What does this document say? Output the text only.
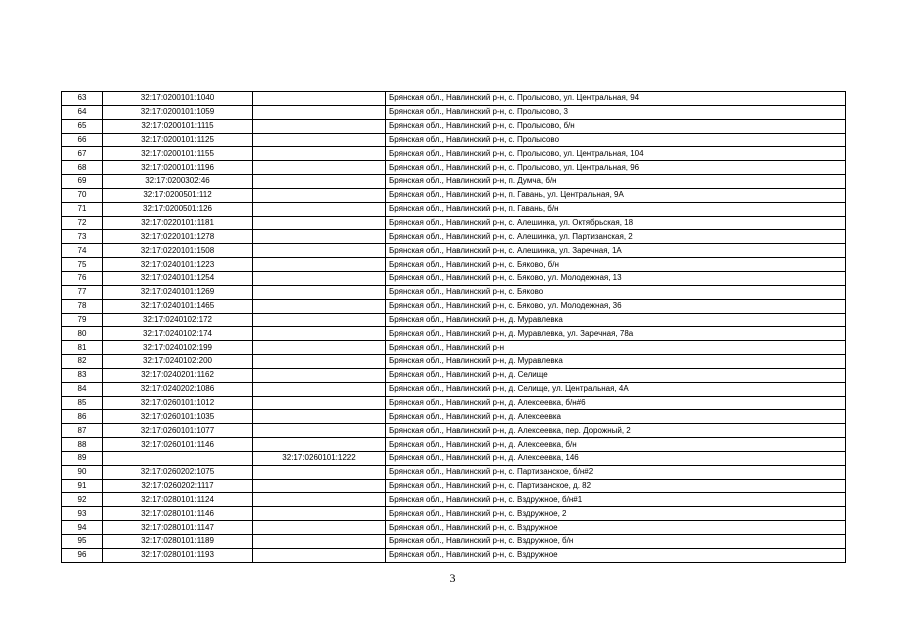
63	32:17:0200101:1040		Брянская обл., Навлинский р-н, с. Пролысово, ул. Центральная, 94
64	32:17:0200101:1059		Брянская обл., Навлинский р-н, с. Пролысово, 3
65	32:17:0200101:1115		Брянская обл., Навлинский р-н, с. Пролысово, б/н
66	32:17:0200101:1125		Брянская обл., Навлинский р-н, с. Пролысово
67	32:17:0200101:1155		Брянская обл., Навлинский р-н, с. Пролысово, ул. Центральная, 104
68	32:17:0200101:1196		Брянская обл., Навлинский р-н, с. Пролысово, ул. Центральная, 96
69	32:17:0200302:46		Брянская обл., Навлинский р-н, п. Думча, б/н
70	32:17:0200501:112		Брянская обл., Навлинский р-н, п. Гавань, ул. Центральная, 9А
71	32:17:0200501:126		Брянская обл., Навлинский р-н, п. Гавань, б/н
72	32:17:0220101:1181		Брянская обл., Навлинский р-н, с. Алешинка, ул. Октябрьская, 18
73	32:17:0220101:1278		Брянская обл., Навлинский р-н, с. Алешинка, ул. Партизанская, 2
74	32:17:0220101:1508		Брянская обл., Навлинский р-н, с. Алешинка, ул. Заречная, 1А
75	32:17:0240101:1223		Брянская обл., Навлинский р-н, с. Бяково, б/н
76	32:17:0240101:1254		Брянская обл., Навлинский р-н, с. Бяково, ул. Молодежная, 13
77	32:17:0240101:1269		Брянская обл., Навлинский р-н, с. Бяково
78	32:17:0240101:1465		Брянская обл., Навлинский р-н, с. Бяково, ул. Молодежная, 36
79	32:17:0240102:172		Брянская обл., Навлинский р-н, д. Муравлевка
80	32:17:0240102:174		Брянская обл., Навлинский р-н, д. Муравлевка, ул. Заречная, 78а
81	32:17:0240102:199		Брянская обл., Навлинский р-н
82	32:17:0240102:200		Брянская обл., Навлинский р-н, д. Муравлевка
83	32:17:0240201:1162		Брянская обл., Навлинский р-н, д. Селище
84	32:17:0240202:1086		Брянская обл., Навлинский р-н, д. Селище, ул. Центральная, 4А
85	32:17:0260101:1012		Брянская обл., Навлинский р-н, д. Алексеевка, б/н#6
86	32:17:0260101:1035		Брянская обл., Навлинский р-н, д. Алексеевка
87	32:17:0260101:1077		Брянская обл., Навлинский р-н, д. Алексеевка, пер. Дорожный, 2
88	32:17:0260101:1146		Брянская обл., Навлинский р-н, д. Алексеевка, б/н
89		32:17:0260101:1222	Брянская обл., Навлинский р-н, д. Алексеевка, 146
90	32:17:0260202:1075		Брянская обл., Навлинский р-н, с. Партизанское, б/н#2
91	32:17:0260202:1117		Брянская обл., Навлинский р-н, с. Партизанское, д. 82
92	32:17:0280101:1124		Брянская обл., Навлинский р-н, с. Вздружное, б/н#1
93	32:17:0280101:1146		Брянская обл., Навлинский р-н, с. Вздружное, 2
94	32:17:0280101:1147		Брянская обл., Навлинский р-н, с. Вздружное
95	32:17:0280101:1189		Брянская обл., Навлинский р-н, с. Вздружное, б/н
96	32:17:0280101:1193		Брянская обл., Навлинский р-н, с. Вздружное
3
